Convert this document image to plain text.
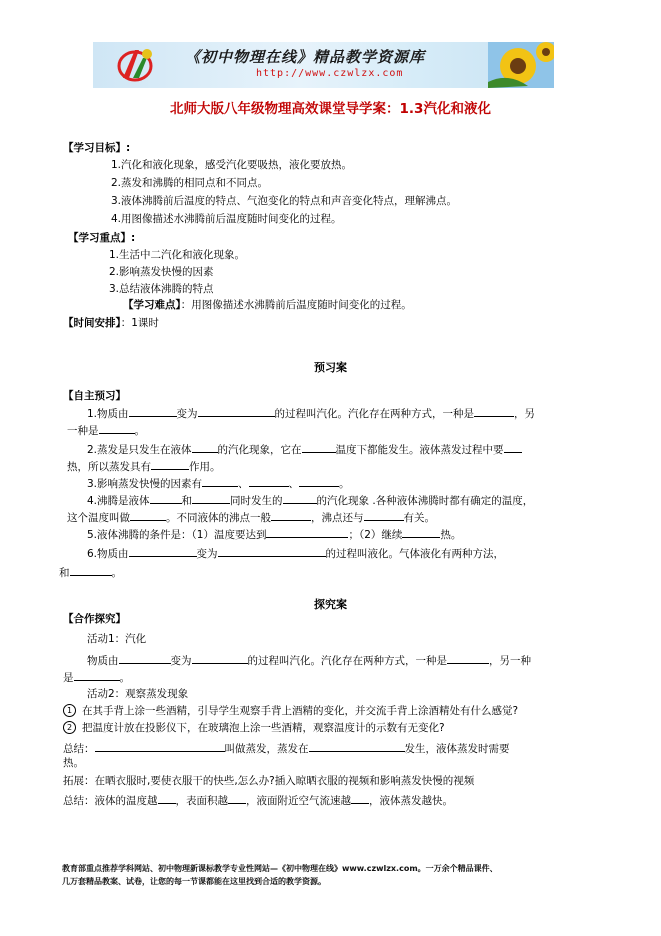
《初中物理在线》精品教学资源库
http://www.czwlzx.com
北师大版八年级物理高效课堂导学案：1.3汽化和液化
【学习目标】:
1.汽化和液化现象，感受汽化要吸热，液化要放热。
2.蒸发和沸腾的相同点和不同点。
3.液体沸腾前后温度的特点、气泡变化的特点和声音变化特点，理解沸点。
4.用图像描述水沸腾前后温度随时间变化的过程。
【学习重点】:
1.生活中二汽化和液化现象。
2.影响蒸发快慢的因素
3.总结液体沸腾的特点
【学习难点】：用图像描述水沸腾前后温度随时间变化的过程。
【时间安排】：1课时
预习案
【自主预习】
1.物质由	变为	的过程叫汽化。汽化存在两种方式，一种是	，另
一种是	。
2.蒸发是只发生在液体 的汽化现象，它在	温度下都能发生。液体蒸发过程中要
热，所以蒸发具有	作用。
3.影响蒸发快慢的因素有	、	、	。
4.沸腾是液体	和	同时发生的	的汽化现象 .各种液体沸腾时都有确定的温度，
这个温度叫做	。不同液体的沸点一般	，沸点还与	有关。
5.液体沸腾的条件是：（1）温度要达到	；（2）继续	热。
6.物质由	变为	的过程叫液化。气体液化有两种方法，
和	。
探究案
【合作探究】
活动1：汽化
物质由	变为	的过程叫汽化。汽化存在两种方式，一种是	，另一种
是	。
活动2：观察蒸发现象
1 在其手背上涂一些酒精，引导学生观察手背上酒精的变化，并交流手背上涂酒精处有什么感觉?
2 把温度计放在投影仪下，在玻璃泡上涂一些酒精，观察温度计的示数有无变化?
总结：	叫做蒸发，蒸发在	发生，液体蒸发时需要
热。
拓展：在晒衣服时,要使衣服干的快些,怎么办?插入晾晒衣服的视频和影响蒸发快慢的视频
总结：液体的温度越 ，表面积越 ，液面附近空气流速越 ，液体蒸发越快。
教育部重点推荐学科网站、初中物理新课标教学专业性网站—《初中物理在线》www.czwlzx.com。一万余个精品课件、
几万套精品教案、试卷，让您的每一节课都能在这里找到合适的教学资源。
